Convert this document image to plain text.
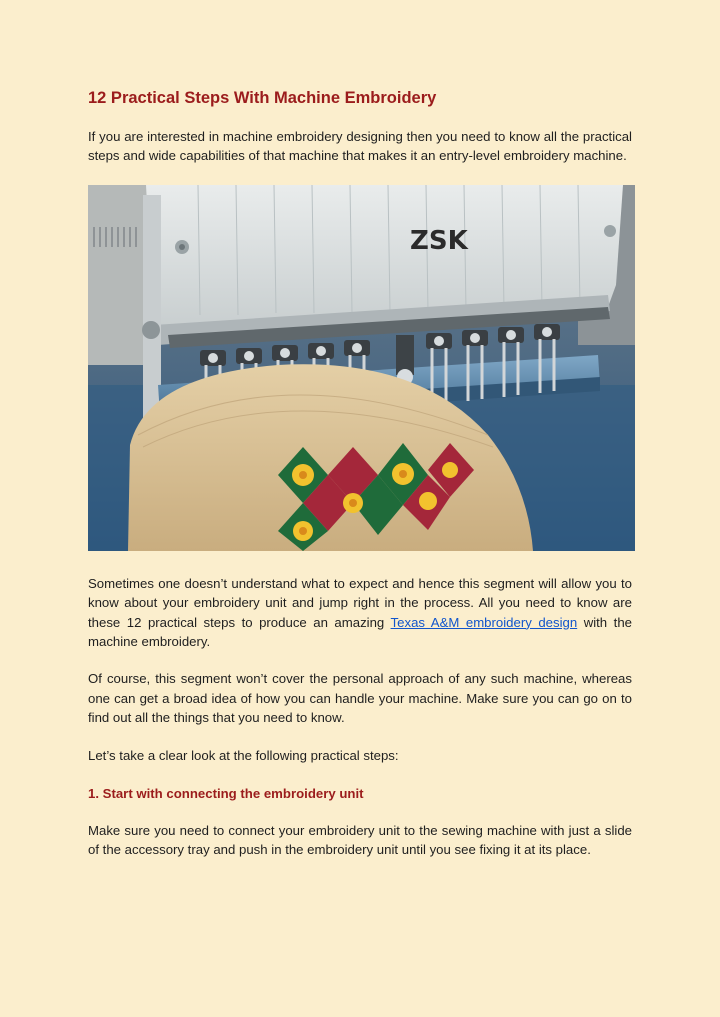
12 Practical Steps With Machine Embroidery

If you are interested in machine embroidery designing then you need to know all the practical steps and wide capabilities of that machine that makes it an entry-level embroidery machine.

ZSK

Sometimes one doesn’t understand what to expect and hence this segment will allow you to know about your embroidery unit and jump right in the process. All you need to know are these 12 practical steps to produce an amazing Texas A&M embroidery design with the machine embroidery.

Of course, this segment won’t cover the personal approach of any such machine, whereas one can get a broad idea of how you can handle your machine. Make sure you can go on to find out all the things that you need to know.

Let’s take a clear look at the following practical steps:

1. Start with connecting the embroidery unit

Make sure you need to connect your embroidery unit to the sewing machine with just a slide of the accessory tray and push in the embroidery unit until you see fixing it at its place.
